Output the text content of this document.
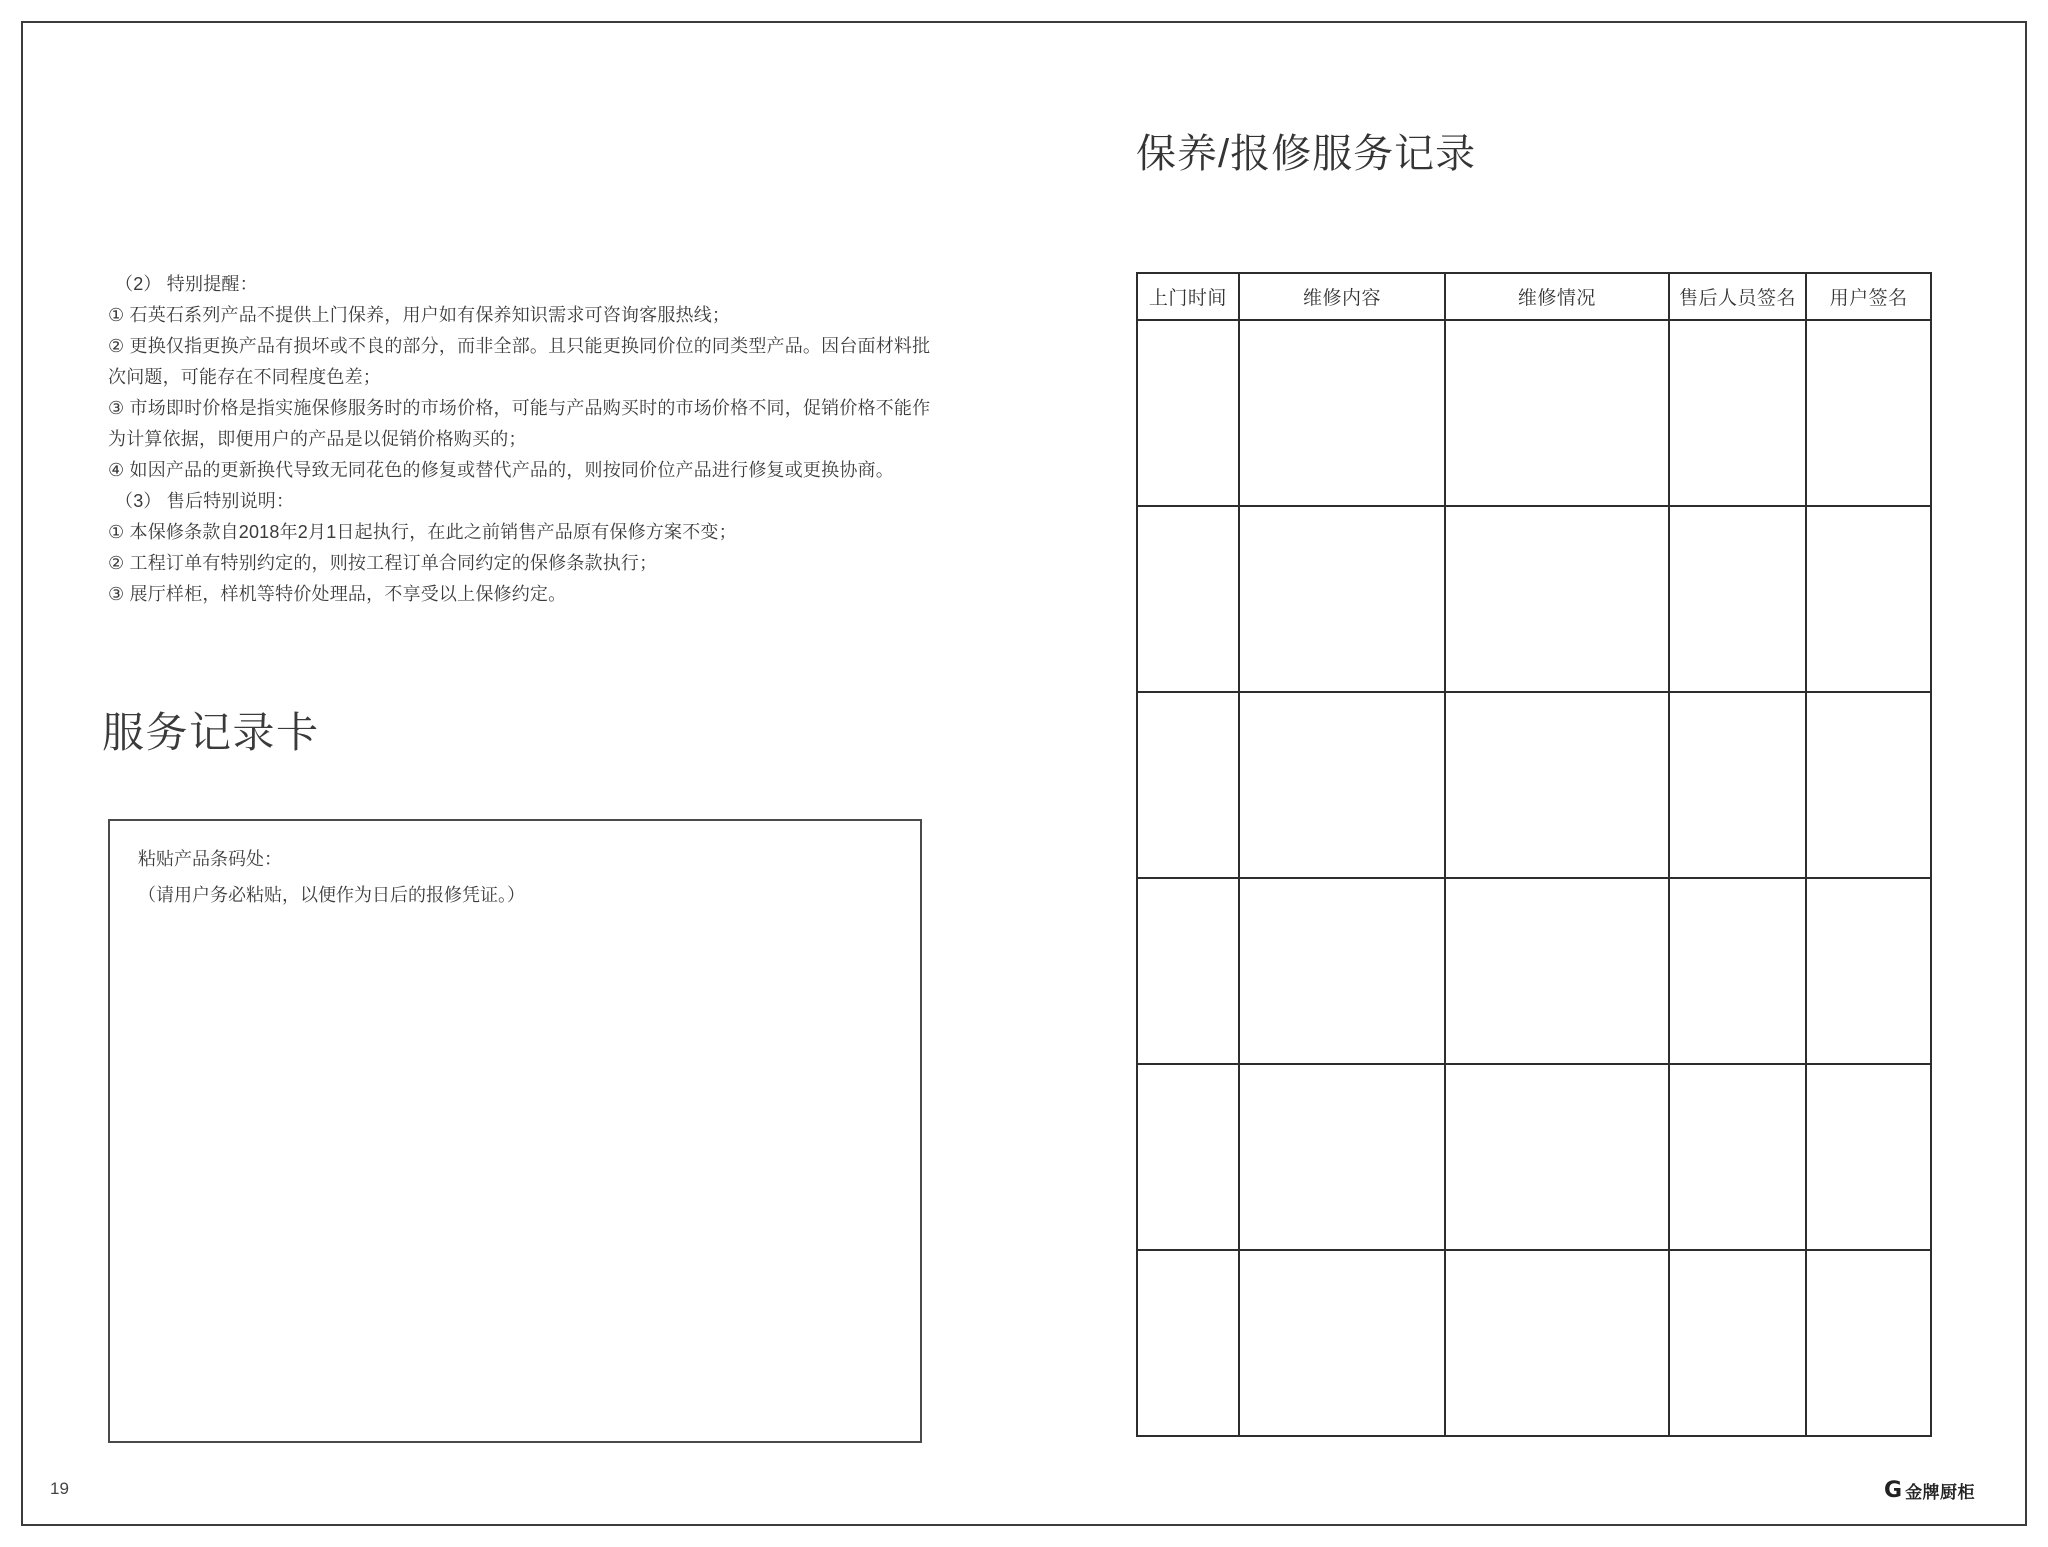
（2） 特别提醒：
① 石英石系列产品不提供上门保养，用户如有保养知识需求可咨询客服热线；
② 更换仅指更换产品有损坏或不良的部分，而非全部。且只能更换同价位的同类型产品。因台面材料批
次问题，可能存在不同程度色差；
③ 市场即时价格是指实施保修服务时的市场价格，可能与产品购买时的市场价格不同，促销价格不能作
为计算依据，即便用户的产品是以促销价格购买的；
④ 如因产品的更新换代导致无同花色的修复或替代产品的，则按同价位产品进行修复或更换协商。
（3） 售后特别说明：
① 本保修条款自2018年2月1日起执行，在此之前销售产品原有保修方案不变；
② 工程订单有特别约定的，则按工程订单合同约定的保修条款执行；
③ 展厅样柜，样机等特价处理品，不享受以上保修约定。
服务记录卡
粘贴产品条码处：
（请用户务必粘贴，以便作为日后的报修凭证。）
保养/报修服务记录
上门时间	维修内容	维修情况	售后人员签名	用户签名

19	G 金牌厨柜
